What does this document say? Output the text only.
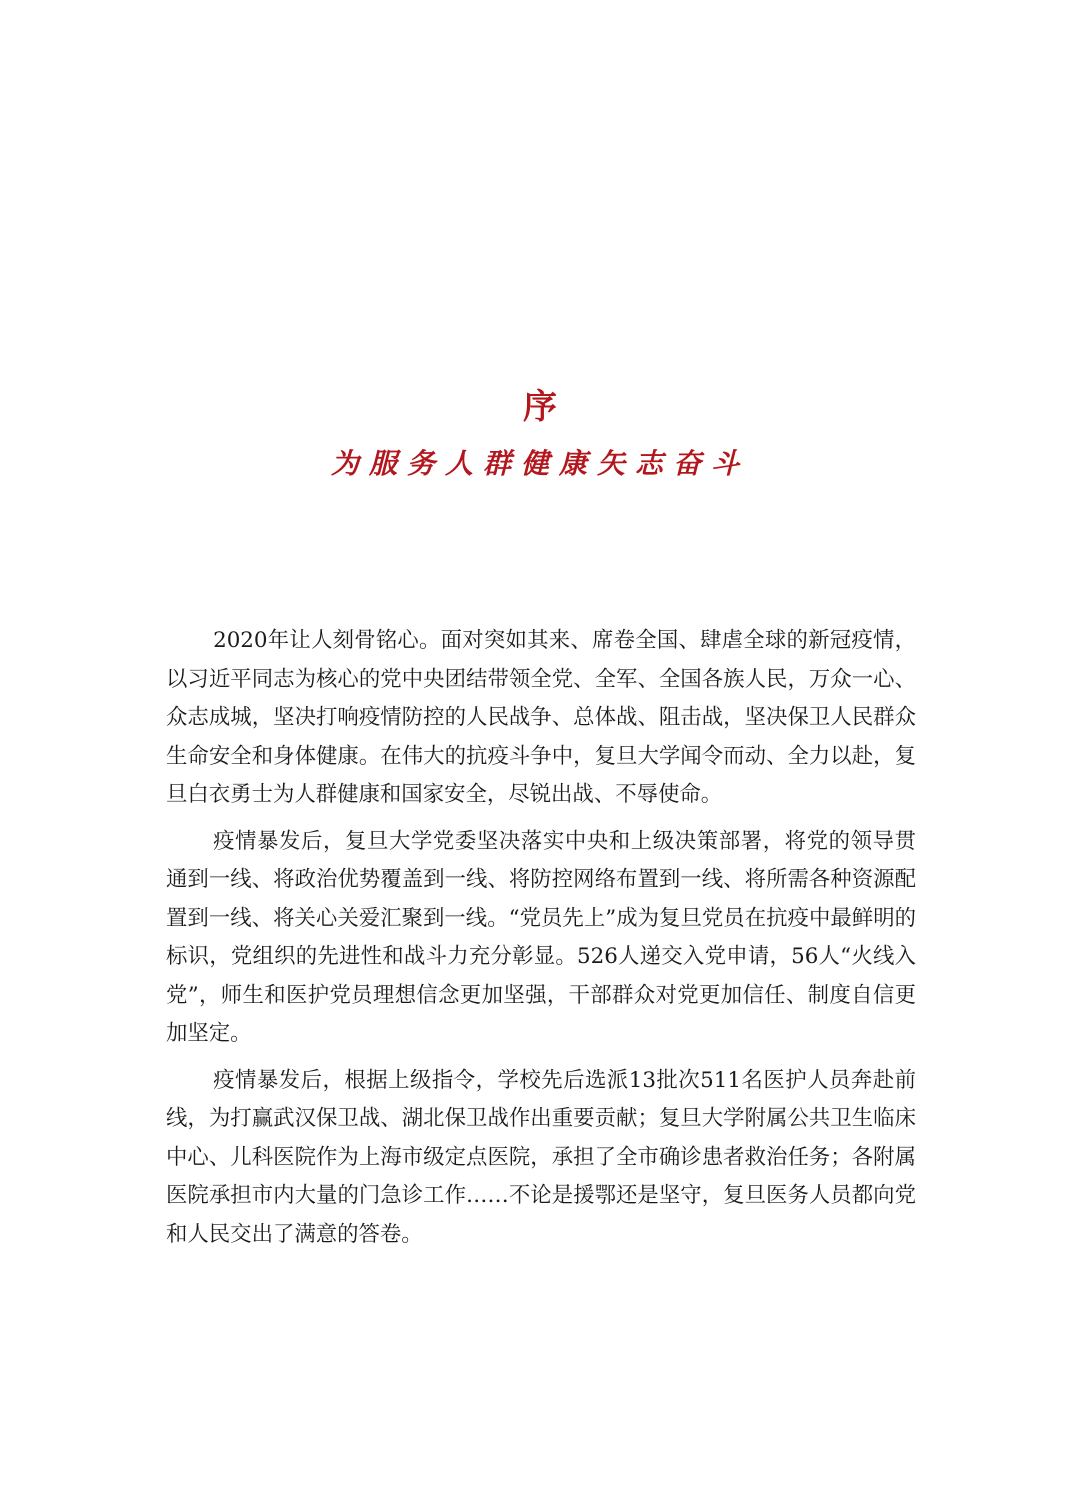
序
为服务人群健康矢志奋斗

2020年让人刻骨铭心。面对突如其来、席卷全国、肆虐全球的新冠疫情，以习近平同志为核心的党中央团结带领全党、全军、全国各族人民，万众一心、众志成城，坚决打响疫情防控的人民战争、总体战、阻击战，坚决保卫人民群众生命安全和身体健康。在伟大的抗疫斗争中，复旦大学闻令而动、全力以赴，复旦白衣勇士为人群健康和国家安全，尽锐出战、不辱使命。

疫情暴发后，复旦大学党委坚决落实中央和上级决策部署，将党的领导贯通到一线、将政治优势覆盖到一线、将防控网络布置到一线、将所需各种资源配置到一线、将关心关爱汇聚到一线。“党员先上”成为复旦党员在抗疫中最鲜明的标识，党组织的先进性和战斗力充分彰显。526人递交入党申请，56人“火线入党”，师生和医护党员理想信念更加坚强，干部群众对党更加信任、制度自信更加坚定。

疫情暴发后，根据上级指令，学校先后选派13批次511名医护人员奔赴前线，为打赢武汉保卫战、湖北保卫战作出重要贡献；复旦大学附属公共卫生临床中心、儿科医院作为上海市级定点医院，承担了全市确诊患者救治任务；各附属医院承担市内大量的门急诊工作……不论是援鄂还是坚守，复旦医务人员都向党和人民交出了满意的答卷。
